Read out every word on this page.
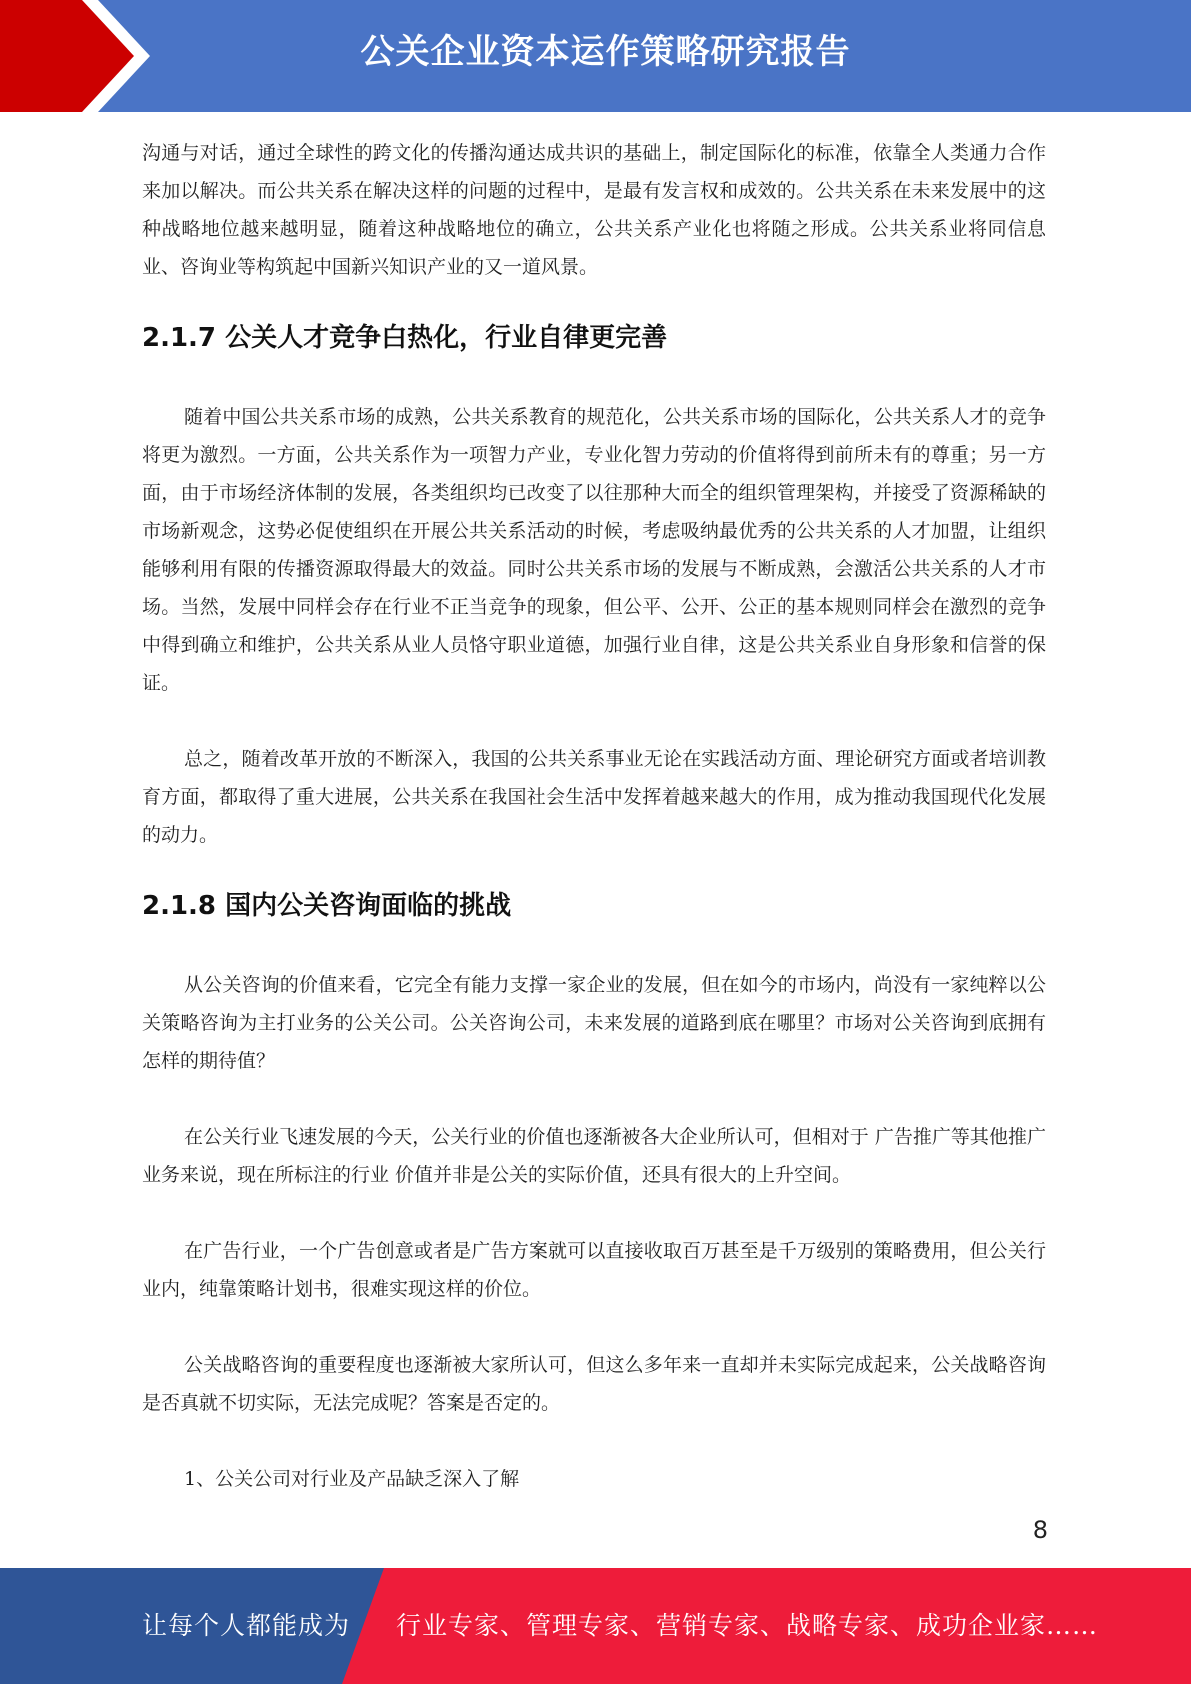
公关企业资本运作策略研究报告

沟通与对话，通过全球性的跨文化的传播沟通达成共识的基础上，制定国际化的标准，依靠全人类通力合作来加以解决。而公共关系在解决这样的问题的过程中，是最有发言权和成效的。公共关系在未来发展中的这种战略地位越来越明显，随着这种战略地位的确立，公共关系产业化也将随之形成。公共关系业将同信息业、咨询业等构筑起中国新兴知识产业的又一道风景。

2.1.7 公关人才竞争白热化，行业自律更完善

随着中国公共关系市场的成熟，公共关系教育的规范化，公共关系市场的国际化，公共关系人才的竞争将更为激烈。一方面，公共关系作为一项智力产业，专业化智力劳动的价值将得到前所未有的尊重；另一方面，由于市场经济体制的发展，各类组织均已改变了以往那种大而全的组织管理架构，并接受了资源稀缺的市场新观念，这势必促使组织在开展公共关系活动的时候，考虑吸纳最优秀的公共关系的人才加盟，让组织能够利用有限的传播资源取得最大的效益。同时公共关系市场的发展与不断成熟，会激活公共关系的人才市场。当然，发展中同样会存在行业不正当竞争的现象，但公平、公开、公正的基本规则同样会在激烈的竞争中得到确立和维护，公共关系从业人员恪守职业道德，加强行业自律，这是公共关系业自身形象和信誉的保证。

总之，随着改革开放的不断深入，我国的公共关系事业无论在实践活动方面、理论研究方面或者培训教育方面，都取得了重大进展，公共关系在我国社会生活中发挥着越来越大的作用，成为推动我国现代化发展的动力。

2.1.8 国内公关咨询面临的挑战

从公关咨询的价值来看，它完全有能力支撑一家企业的发展，但在如今的市场内，尚没有一家纯粹以公关策略咨询为主打业务的公关公司。公关咨询公司，未来发展的道路到底在哪里？市场对公关咨询到底拥有怎样的期待值？

在公关行业飞速发展的今天，公关行业的价值也逐渐被各大企业所认可，但相对于 广告推广等其他推广业务来说，现在所标注的行业 价值并非是公关的实际价值，还具有很大的上升空间。

在广告行业，一个广告创意或者是广告方案就可以直接收取百万甚至是千万级别的策略费用，但公关行业内，纯靠策略计划书，很难实现这样的价位。

公关战略咨询的重要程度也逐渐被大家所认可，但这么多年来一直却并未实际完成起来，公关战略咨询是否真就不切实际，无法完成呢？答案是否定的。

1、公关公司对行业及产品缺乏深入了解

8
让每个人都能成为 行业专家、管理专家、营销专家、战略专家、成功企业家……
